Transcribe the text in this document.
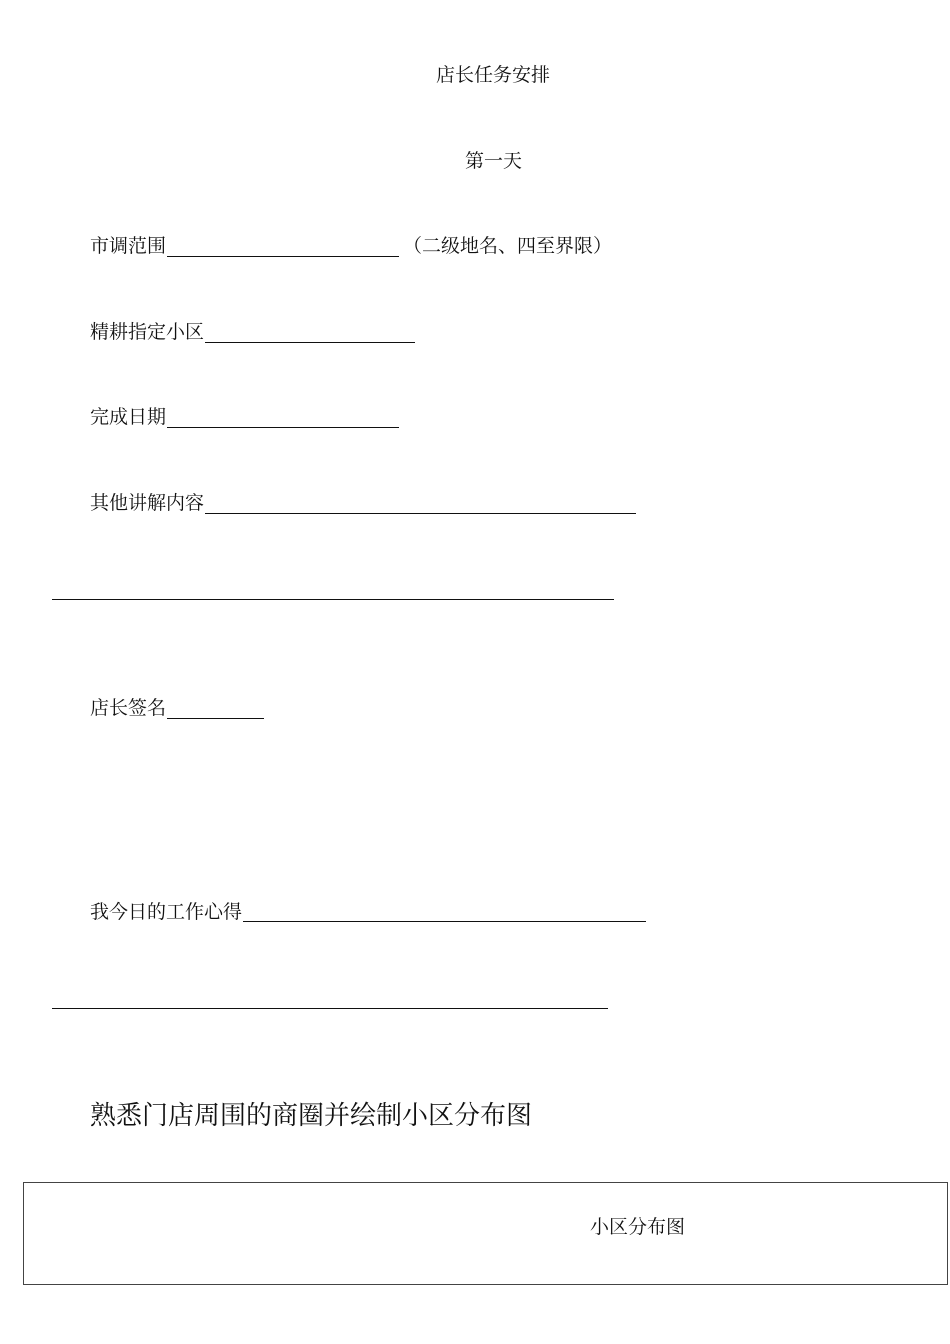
店长任务安排
第一天
市调范围	（二级地名、四至界限）
精耕指定小区
完成日期
其他讲解内容
店长签名
我今日的工作心得
熟悉门店周围的商圈并绘制小区分布图
小区分布图
